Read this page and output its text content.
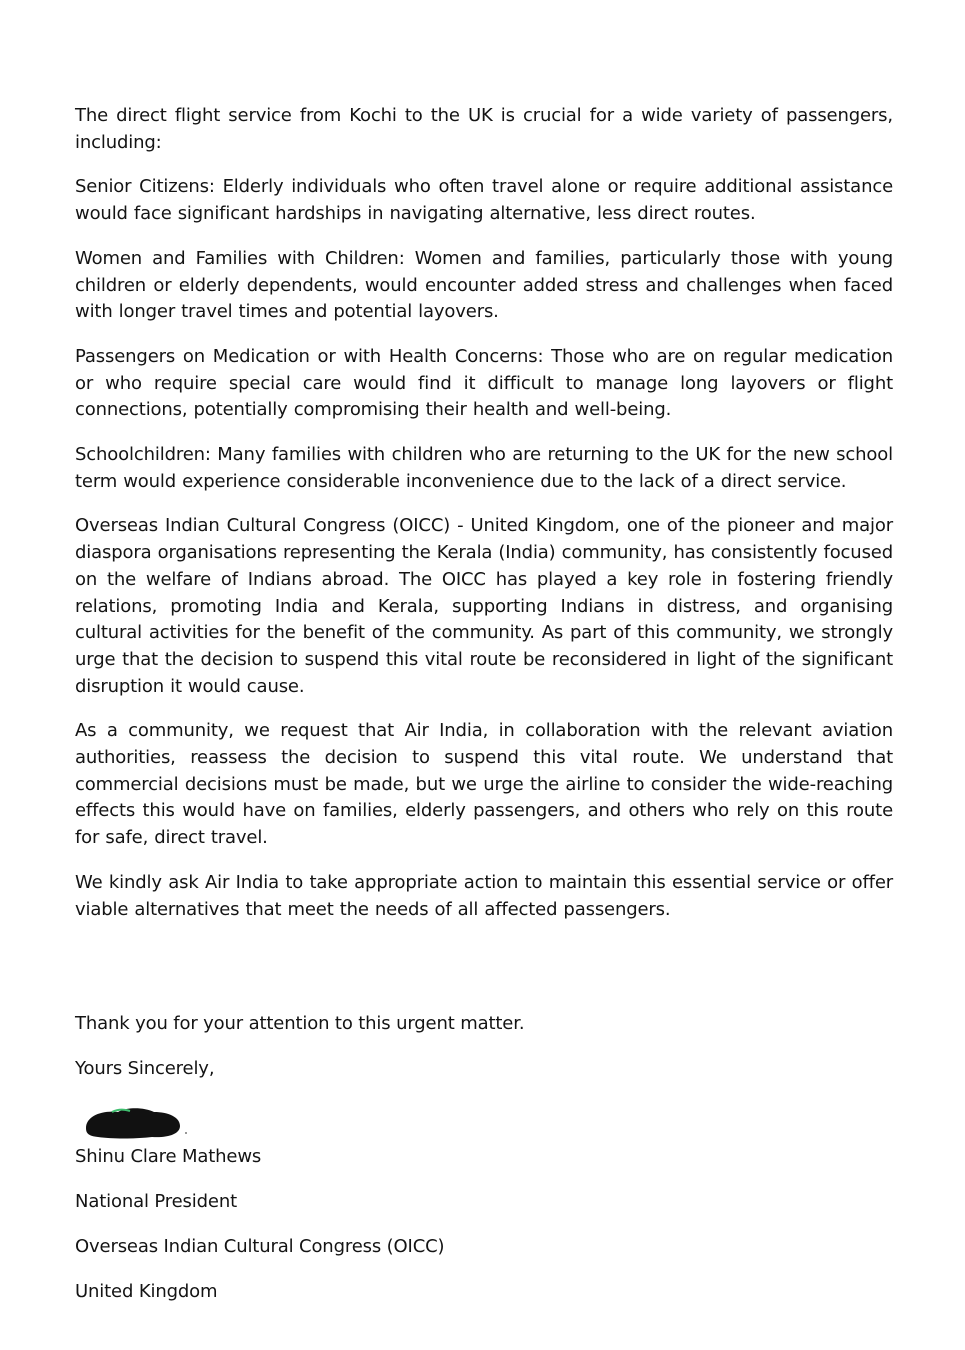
The direct flight service from Kochi to the UK is crucial for a wide variety of passengers, including:

Senior Citizens: Elderly individuals who often travel alone or require additional assistance would face significant hardships in navigating alternative, less direct routes.

Women and Families with Children: Women and families, particularly those with young children or elderly dependents, would encounter added stress and challenges when faced with longer travel times and potential layovers.

Passengers on Medication or with Health Concerns: Those who are on regular medication or who require special care would find it difficult to manage long layovers or flight connections, potentially compromising their health and well-being.

Schoolchildren: Many families with children who are returning to the UK for the new school term would experience considerable inconvenience due to the lack of a direct service.

Overseas Indian Cultural Congress (OICC) - United Kingdom, one of the pioneer and major diaspora organisations representing the Kerala (India) community, has consistently focused on the welfare of Indians abroad. The OICC has played a key role in fostering friendly relations, promoting India and Kerala, supporting Indians in distress, and organising cultural activities for the benefit of the community. As part of this community, we strongly urge that the decision to suspend this vital route be reconsidered in light of the significant disruption it would cause.

As a community, we request that Air India, in collaboration with the relevant aviation authorities, reassess the decision to suspend this vital route. We understand that commercial decisions must be made, but we urge the airline to consider the wide-reaching effects this would have on families, elderly passengers, and others who rely on this route for safe, direct travel.

We kindly ask Air India to take appropriate action to maintain this essential service or offer viable alternatives that meet the needs of all affected passengers.

Thank you for your attention to this urgent matter.

Yours Sincerely,

Shinu Clare Mathews

National President

Overseas Indian Cultural Congress (OICC)

United Kingdom
